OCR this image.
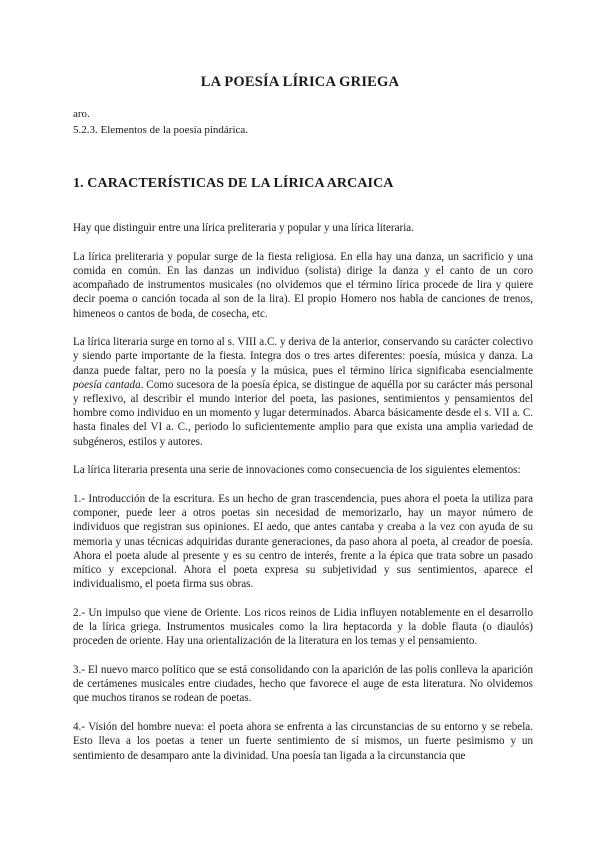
LA POESÍA LÍRICA GRIEGA
aro.
5.2.3. Elementos de la poesía pindárica.
1. CARACTERÍSTICAS DE LA LÍRICA ARCAICA

Hay que distinguir entre una lírica preliteraria y popular y una lírica literaria.

La lírica preliteraria y popular surge de la fiesta religiosa. En ella hay una danza, un sacrificio y una comida en común. En las danzas un individuo (solista) dirige la danza y el canto de un coro acompañado de instrumentos musicales (no olvidemos que el término lírica procede de lira y quiere decir poema o canción tocada al son de la lira). El propio Homero nos habla de canciones de trenos, himeneos o cantos de boda, de cosecha, etc.

La lírica literaria surge en torno al s. VIII a.C. y deriva de la anterior, conservando su carácter colectivo y siendo parte importante de la fiesta. Integra dos o tres artes diferentes: poesía, música y danza. La danza puede faltar, pero no la poesía y la música, pues el término lírica significaba esencialmente poesía cantada. Como sucesora de la poesía épica, se distingue de aquélla por su carácter más personal y reflexivo, al describir el mundo interior del poeta, las pasiones, sentimientos y pensamientos del hombre como individuo en un momento y lugar determinados. Abarca básicamente desde el s. VII a. C. hasta finales del VI a. C., periodo lo suficientemente amplio para que exista una amplia variedad de subgéneros, estilos y autores.

La lírica literaria presenta una serie de innovaciones como consecuencia de los siguientes elementos:

1.- Introducción de la escritura. Es un hecho de gran trascendencia, pues ahora el poeta la utiliza para componer, puede leer a otros poetas sin necesidad de memorizarlo, hay un mayor número de individuos que registran sus opiniones. El aedo, que antes cantaba y creaba a la vez con ayuda de su memoria y unas técnicas adquiridas durante generaciones, da paso ahora al poeta, al creador de poesía. Ahora el poeta alude al presente y es su centro de interés, frente a la épica que trata sobre un pasado mítico y excepcional. Ahora el poeta expresa su subjetividad y sus sentimientos, aparece el individualismo, el poeta firma sus obras.

2.- Un impulso que viene de Oriente. Los ricos reinos de Lidia influyen notablemente en el desarrollo de la lírica griega. Instrumentos musicales como la lira heptacorda y la doble flauta (o diaulós) proceden de oriente. Hay una orientalización de la literatura en los temas y el pensamiento.

3.- El nuevo marco político que se está consolidando con la aparición de las polis conlleva la aparición de certámenes musicales entre ciudades, hecho que favorece el auge de esta literatura. No olvidemos que muchos tiranos se rodean de poetas.

4.- Visión del hombre nueva: el poeta ahora se enfrenta a las circunstancias de su entorno y se rebela. Esto lleva a los poetas a tener un fuerte sentimiento de sí mismos, un fuerte pesimismo y un sentimiento de desamparo ante la divinidad. Una poesía tan ligada a la circunstancia que
